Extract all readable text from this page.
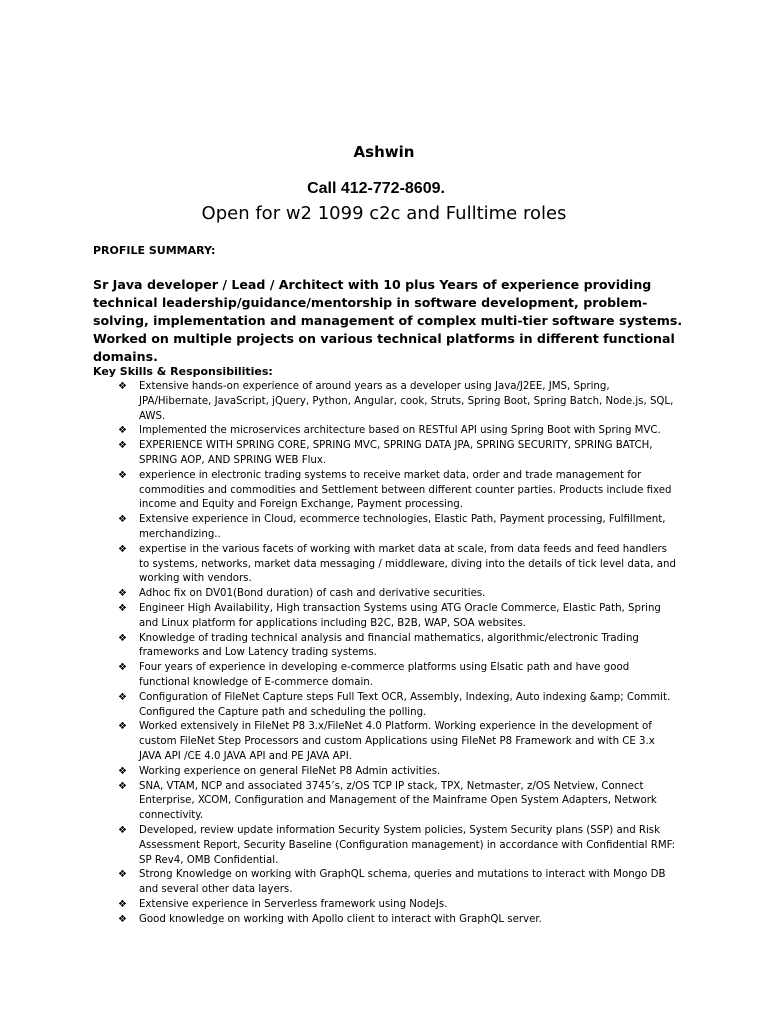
Ashwin
Call 412-772-8609.
Open for w2 1099 c2c and Fulltime roles
PROFILE SUMMARY:
Sr Java developer / Lead / Architect with 10 plus Years of experience providing technical leadership/guidance/mentorship in software development, problem-solving, implementation and management of complex multi-tier software systems. Worked on multiple projects on various technical platforms in different functional domains.
Key Skills & Responsibilities:
❖ Extensive hands-on experience of around years as a developer using Java/J2EE, JMS, Spring, JPA/Hibernate, JavaScript, jQuery, Python, Angular, cook, Struts, Spring Boot, Spring Batch, Node.js, SQL, AWS.
❖ Implemented the microservices architecture based on RESTful API using Spring Boot with Spring MVC.
❖ EXPERIENCE WITH SPRING CORE, SPRING MVC, SPRING DATA JPA, SPRING SECURITY, SPRING BATCH, SPRING AOP, AND SPRING WEB Flux.
❖ experience in electronic trading systems to receive market data, order and trade management for commodities and commodities and Settlement between different counter parties. Products include fixed income and Equity and Foreign Exchange, Payment processing.
❖ Extensive experience in Cloud, ecommerce technologies, Elastic Path, Payment processing, Fulfillment, merchandizing..
❖ expertise in the various facets of working with market data at scale, from data feeds and feed handlers to systems, networks, market data messaging / middleware, diving into the details of tick level data, and working with vendors.
❖ Adhoc fix on DV01(Bond duration) of cash and derivative securities.
❖ Engineer High Availability, High transaction Systems using ATG Oracle Commerce, Elastic Path, Spring and Linux platform for applications including B2C, B2B, WAP, SOA websites.
❖ Knowledge of trading technical analysis and financial mathematics, algorithmic/electronic Trading frameworks and Low Latency trading systems.
❖ Four years of experience in developing e-commerce platforms using Elsatic path and have good functional knowledge of E-commerce domain.
❖ Configuration of FileNet Capture steps Full Text OCR, Assembly, Indexing, Auto indexing &amp; Commit. Configured the Capture path and scheduling the polling.
❖ Worked extensively in FileNet P8 3.x/FileNet 4.0 Platform. Working experience in the development of custom FileNet Step Processors and custom Applications using FileNet P8 Framework and with CE 3.x JAVA API /CE 4.0 JAVA API and PE JAVA API.
❖ Working experience on general FileNet P8 Admin activities.
❖ SNA, VTAM, NCP and associated 3745’s, z/OS TCP IP stack, TPX, Netmaster, z/OS Netview, Connect Enterprise, XCOM, Configuration and Management of the Mainframe Open System Adapters, Network connectivity.
❖ Developed, review update information Security System policies, System Security plans (SSP) and Risk Assessment Report, Security Baseline (Configuration management) in accordance with Confidential RMF: SP Rev4, OMB Confidential.
❖ Strong Knowledge on working with GraphQL schema, queries and mutations to interact with Mongo DB and several other data layers.
❖ Extensive experience in Serverless framework using NodeJs.
❖ Good knowledge on working with Apollo client to interact with GraphQL server.
